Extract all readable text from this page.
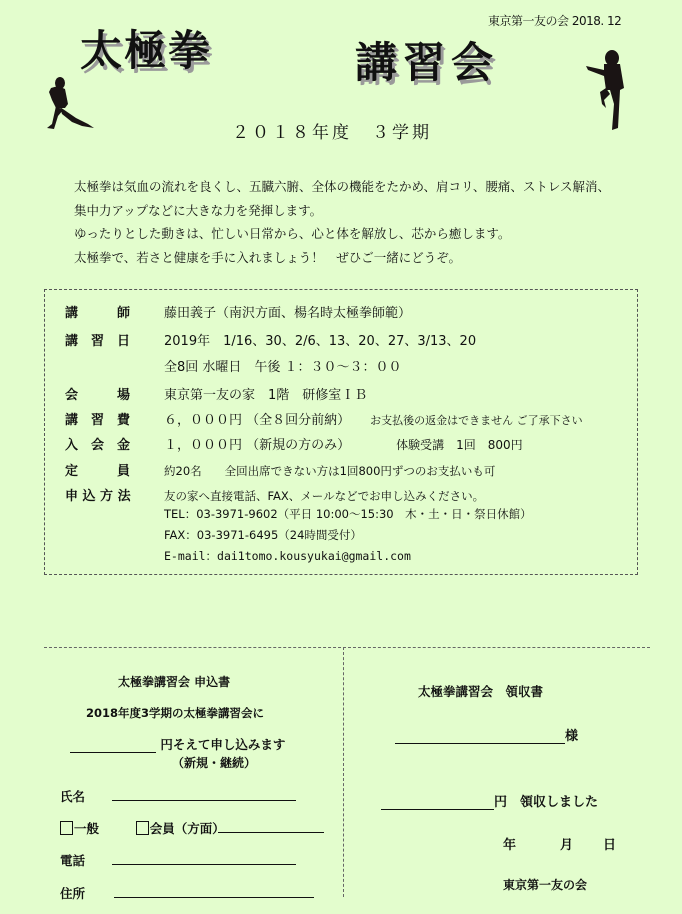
東京第一友の会 2018. 12
太極拳	講習会
２０１８年度　３学期

太極拳は気血の流れを良くし、五臓六腑、全体の機能をたかめ、肩コリ、腰痛、ストレス解消、

集中力アップなどに大きな力を発揮します。

ゆったりとした動きは、忙しい日常から、心と体を解放し、芯から癒します。

太極拳で、若さと健康を手に入れましょう！　ぜひご一緒にどうぞ。

講　　　師	藤田義子（南沢方面、楊名時太極拳師範）
講　習　日	2019年　1/16、30、2/6、13、20、27、3/13、20
全8回 水曜日　午後 １：３０～３：００
会　　　場	東京第一友の家　1階　研修室ＩＢ
講　習　費	６，０００円 （全８回分前納） お支払後の返金はできません ご了承下さい
入　会　金	１，０００円 （新規の方のみ）	体験受講　1回　800円
定　　　員	約20名　　全回出席できない方は1回800円ずつのお支払いも可
申 込 方 法	友の家へ直接電話、FAX、メールなどでお申し込みください。
TEL：03-3971-9602（平日 10:00～15:30　木・土・日・祭日休館）
FAX：03-3971-6495（24時間受付）
E-mail：dai1tomo.kousyukai@gmail.com
太極拳講習会 申込書
2018年度3学期の太極拳講習会に
円そえて申し込みます
（新規・継続）
氏名
一般	会員（方面）
電話
住所
太極拳講習会　領収書
様
円　領収しました
年	月 日
東京第一友の会
